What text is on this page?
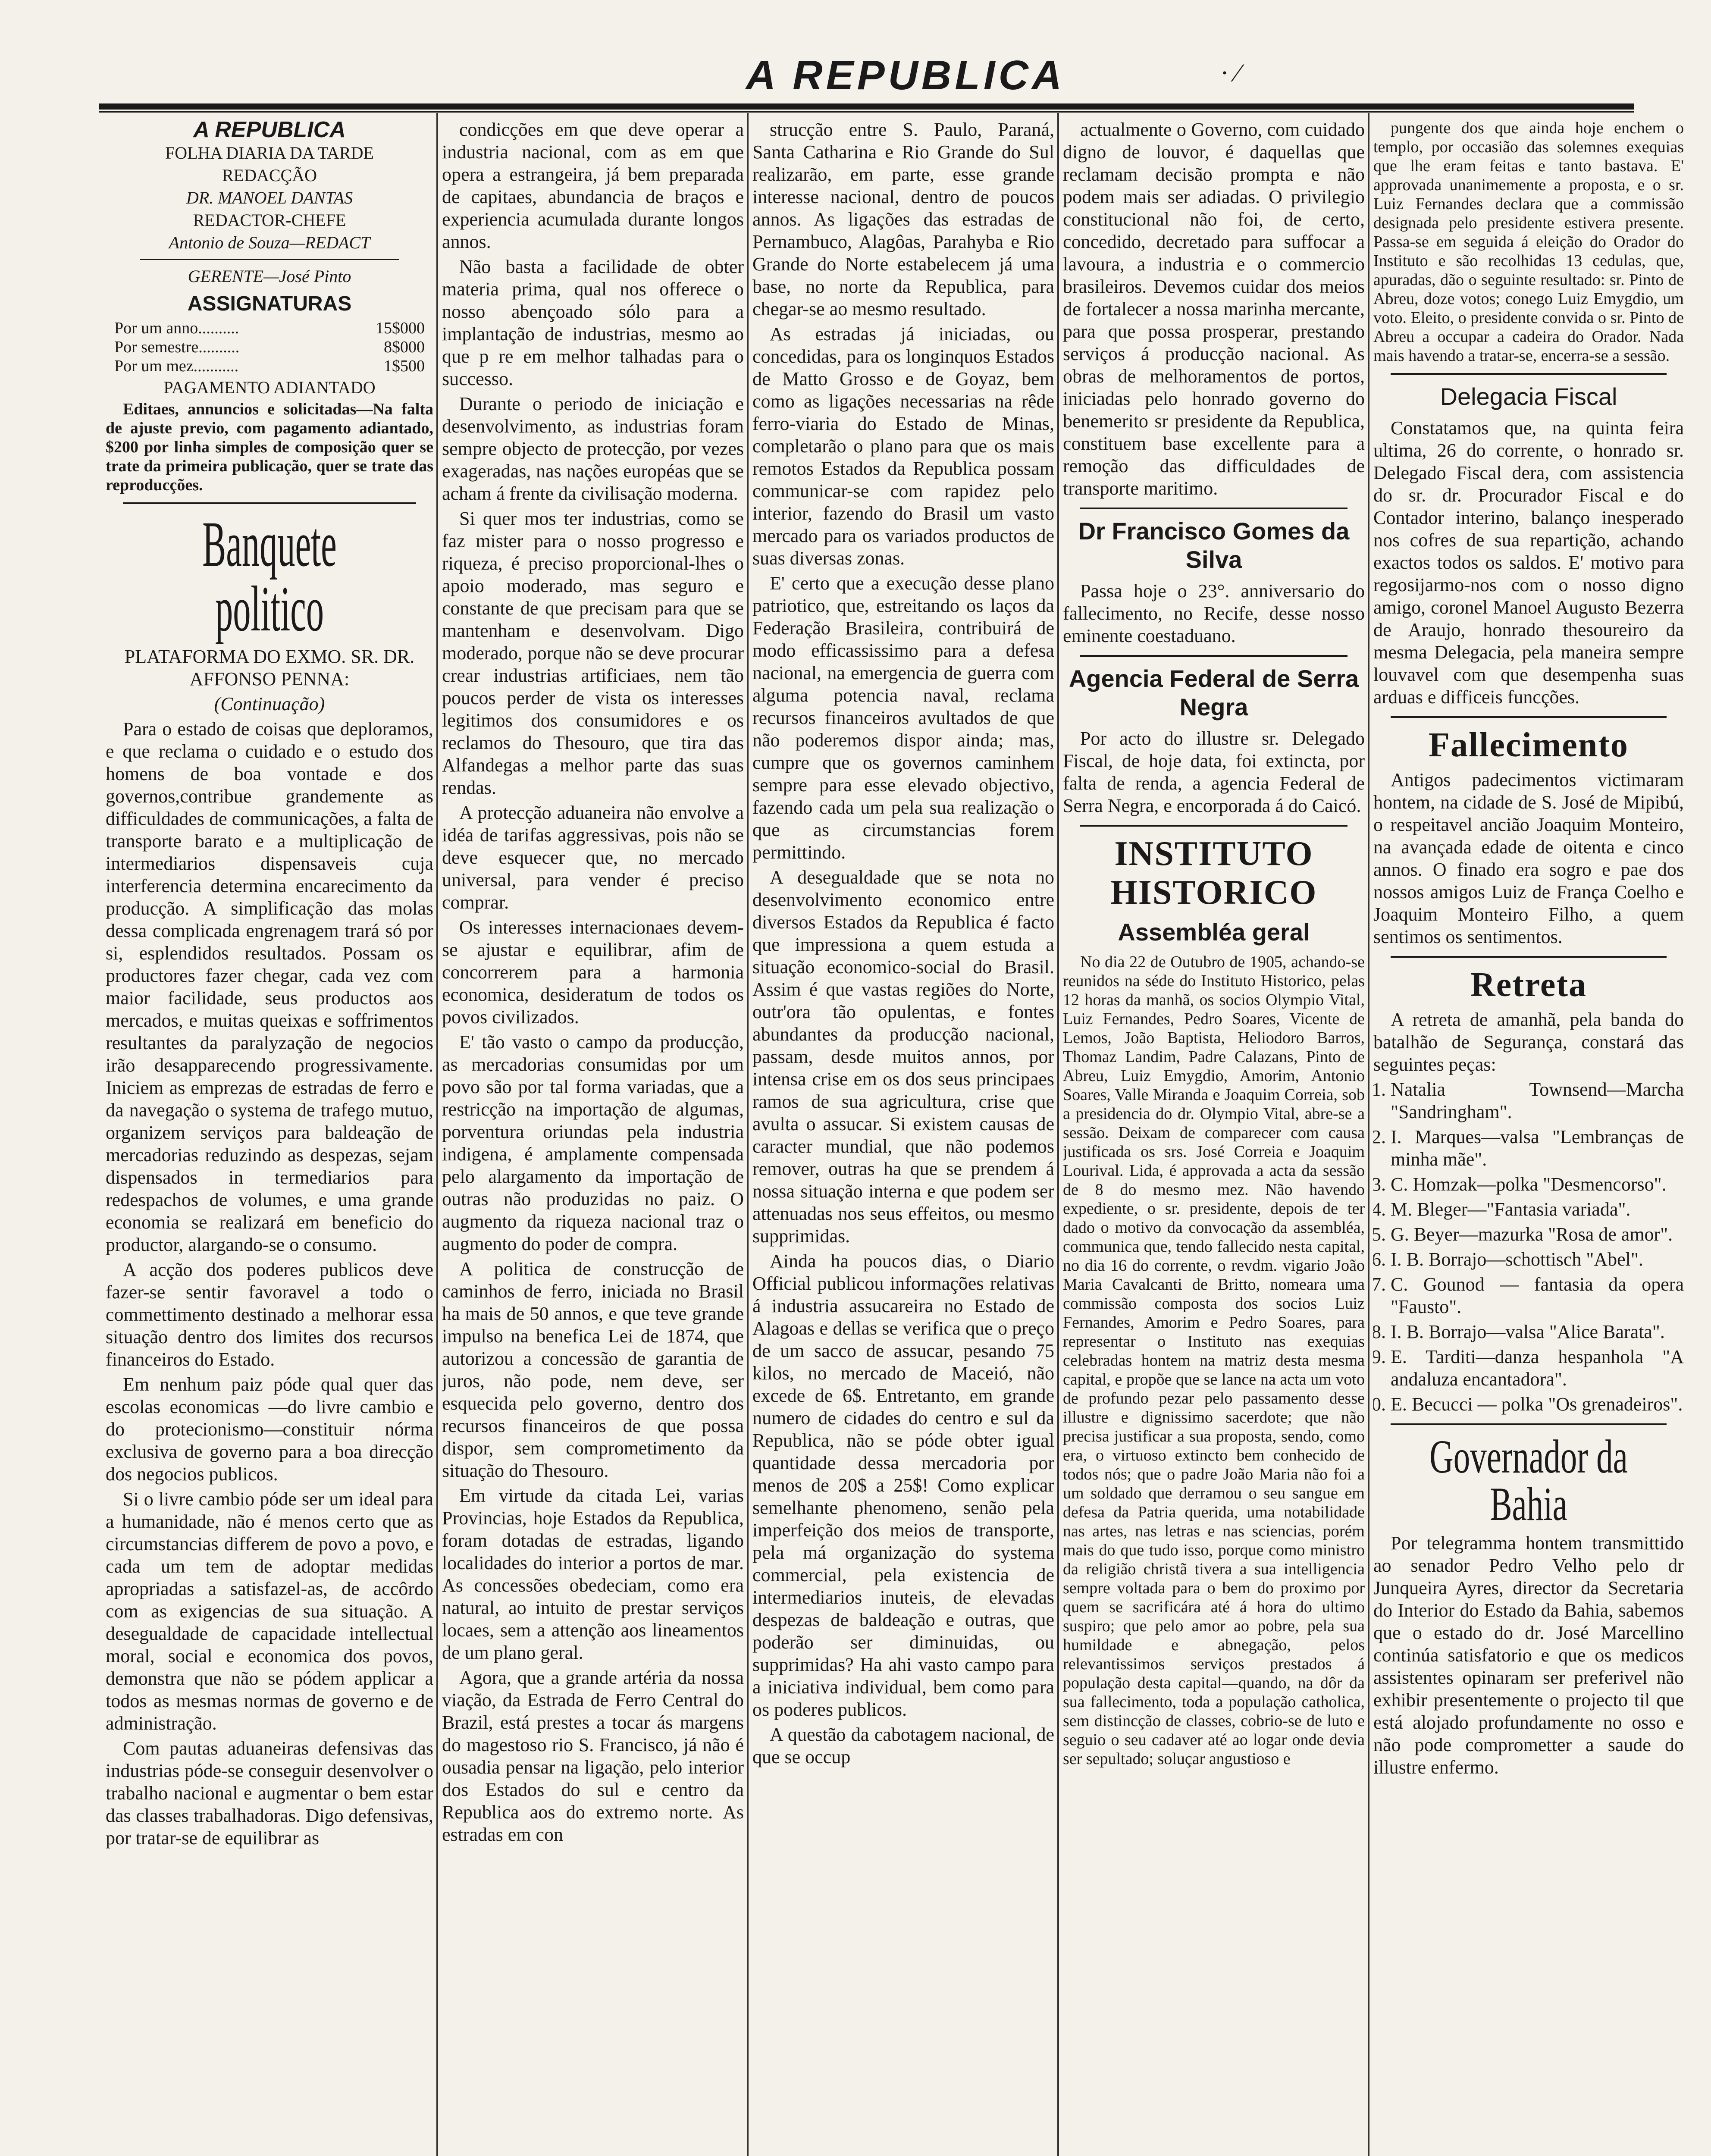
A REPUBLICA	· ⁄
A REPUBLICA
FOLHA DIARIA DA TARDE
REDACÇÃO
DR. MANOEL DANTAS
REDACTOR-CHEFE
Antonio de Souza—REDACT
GERENTE—José Pinto
ASSIGNATURAS
Por um anno..........	15$000
Por semestre..........	8$000
Por um mez...........	1$500
PAGAMENTO ADIANTADO

Editaes, annuncios e solicitadas—Na falta de ajuste previo, com pagamento adiantado, $200 por linha simples de composição quer se trate da primeira publicação, quer se trate das reproducções.

Banquete politico

PLATAFORMA DO EXMO. SR. DR. AFFONSO PENNA:

(Continuação)

Para o estado de coisas que deploramos, e que reclama o cuidado e o estudo dos homens de boa vontade e dos governos,contribue grandemente as difficuldades de communicações, a falta de transporte barato e a multiplicação de intermediarios dispensaveis cuja interferencia determina encarecimento da producção. A simplificação das molas dessa complicada engrenagem trará só por si, esplendidos resultados. Possam os productores fazer chegar, cada vez com maior facilidade, seus productos aos mercados, e muitas queixas e soffrimentos resultantes da paralyzação de negocios irão desapparecendo progressivamente. Iniciem as emprezas de estradas de ferro e da navegação o systema de trafego mutuo, organizem serviços para baldeação de mercadorias reduzindo as despezas, sejam dispensados in termediarios para redespachos de volumes, e uma grande economia se realizará em beneficio do productor, alargando-se o consumo.

A acção dos poderes publicos deve fazer-se sentir favoravel a todo o commettimento destinado a melhorar essa situação dentro dos limites dos recursos financeiros do Estado.

Em nenhum paiz póde qual quer das escolas economicas —do livre cambio e do protecionismo—constituir nórma exclusiva de governo para a boa direcção dos negocios publicos.

Si o livre cambio póde ser um ideal para a humanidade, não é menos certo que as circumstancias differem de povo a povo, e cada um tem de adoptar medidas apropriadas a satisfazel-as, de accôrdo com as exigencias de sua situação. A desegualdade de capacidade intellectual moral, social e economica dos povos, demonstra que não se pódem applicar a todos as mesmas normas de governo e de administração.

Com pautas aduaneiras defensivas das industrias póde-se conseguir desenvolver o trabalho nacional e augmentar o bem estar das classes trabalhadoras. Digo defensivas, por tratar-se de equilibrar as

condicções em que deve operar a industria nacional, com as em que opera a estrangeira, já bem preparada de capitaes, abundancia de braços e experiencia acumulada durante longos annos.

Não basta a facilidade de obter materia prima, qual nos offerece o nosso abençoado sólo para a implantação de industrias, mesmo ao que p re em melhor talhadas para o successo.

Durante o periodo de iniciação e desenvolvimento, as industrias foram sempre objecto de protecção, por vezes exageradas, nas nações européas que se acham á frente da civilisação moderna.

Si quer mos ter industrias, como se faz mister para o nosso progresso e riqueza, é preciso proporcional-lhes o apoio moderado, mas seguro e constante de que precisam para que se mantenham e desenvolvam. Digo moderado, porque não se deve procurar crear industrias artificiaes, nem tão poucos perder de vista os interesses legitimos dos consumidores e os reclamos do Thesouro, que tira das Alfandegas a melhor parte das suas rendas.

A protecção aduaneira não envolve a idéa de tarifas aggressivas, pois não se deve esquecer que, no mercado universal, para vender é preciso comprar.

Os interesses internacionaes devem-se ajustar e equilibrar, afim de concorrerem para a harmonia economica, desideratum de todos os povos civilizados.

E' tão vasto o campo da producção, as mercadorias consumidas por um povo são por tal forma variadas, que a restricção na importação de algumas, porventura oriundas pela industria indigena, é amplamente compensada pelo alargamento da importação de outras não produzidas no paiz. O augmento da riqueza nacional traz o augmento do poder de compra.

A politica de construcção de caminhos de ferro, iniciada no Brasil ha mais de 50 annos, e que teve grande impulso na benefica Lei de 1874, que autorizou a concessão de garantia de juros, não pode, nem deve, ser esquecida pelo governo, dentro dos recursos financeiros de que possa dispor, sem comprometimento da situação do Thesouro.

Em virtude da citada Lei, varias Provincias, hoje Estados da Republica, foram dotadas de estradas, ligando localidades do interior a portos de mar. As concessões obedeciam, como era natural, ao intuito de prestar serviços locaes, sem a attenção aos lineamentos de um plano geral.

Agora, que a grande artéria da nossa viação, da Estrada de Ferro Central do Brazil, está prestes a tocar ás margens do magestoso rio S. Francisco, já não é ousadia pensar na ligação, pelo interior dos Estados do sul e centro da Republica aos do extremo norte. As estradas em con

strucção entre S. Paulo, Paraná, Santa Catharina e Rio Grande do Sul realizarão, em parte, esse grande interesse nacional, dentro de poucos annos. As ligações das estradas de Pernambuco, Alagôas, Parahyba e Rio Grande do Norte estabelecem já uma base, no norte da Republica, para chegar-se ao mesmo resultado.

As estradas já iniciadas, ou concedidas, para os longinquos Estados de Matto Grosso e de Goyaz, bem como as ligações necessarias na rêde ferro-viaria do Estado de Minas, completarão o plano para que os mais remotos Estados da Republica possam communicar-se com rapidez pelo interior, fazendo do Brasil um vasto mercado para os variados productos de suas diversas zonas.

E' certo que a execução desse plano patriotico, que, estreitando os laços da Federação Brasileira, contribuirá de modo efficassissimo para a defesa nacional, na emergencia de guerra com alguma potencia naval, reclama recursos financeiros avultados de que não poderemos dispor ainda; mas, cumpre que os governos caminhem sempre para esse elevado objectivo, fazendo cada um pela sua realização o que as circumstancias forem permittindo.

A desegualdade que se nota no desenvolvimento economico entre diversos Estados da Republica é facto que impressiona a quem estuda a situação economico-social do Brasil. Assim é que vastas regiões do Norte, outr'ora tão opulentas, e fontes abundantes da producção nacional, passam, desde muitos annos, por intensa crise em os dos seus principaes ramos de sua agricultura, crise que avulta o assucar. Si existem causas de caracter mundial, que não podemos remover, outras ha que se prendem á nossa situação interna e que podem ser attenuadas nos seus effeitos, ou mesmo supprimidas.

Ainda ha poucos dias, o Diario Official publicou informações relativas á industria assucareira no Estado de Alagoas e dellas se verifica que o preço de um sacco de assucar, pesando 75 kilos, no mercado de Maceió, não excede de 6$. Entretanto, em grande numero de cidades do centro e sul da Republica, não se póde obter igual quantidade dessa mercadoria por menos de 20$ a 25$! Como explicar semelhante phenomeno, senão pela imperfeição dos meios de transporte, pela má organização do systema commercial, pela existencia de intermediarios inuteis, de elevadas despezas de baldeação e outras, que poderão ser diminuidas, ou supprimidas? Ha ahi vasto campo para a iniciativa individual, bem como para os poderes publicos.

A questão da cabotagem nacional, de que se occup

actualmente o Governo, com cuidado digno de louvor, é daquellas que reclamam decisão prompta e não podem mais ser adiadas. O privilegio constitucional não foi, de certo, concedido, decretado para suffocar a lavoura, a industria e o commercio brasileiros. Devemos cuidar dos meios de fortalecer a nossa marinha mercante, para que possa prosperar, prestando serviços á producção nacional. As obras de melhoramentos de portos, iniciadas pelo honrado governo do benemerito sr presidente da Republica, constituem base excellente para a remoção das difficuldades de transporte maritimo.

Dr Francisco Gomes da Silva

Passa hoje o 23°. anniversario do fallecimento, no Recife, desse nosso eminente coestaduano.

Agencia Federal de Serra Negra

Por acto do illustre sr. Delegado Fiscal, de hoje data, foi extincta, por falta de renda, a agencia Federal de Serra Negra, e encorporada á do Caicó.

INSTITUTO HISTORICO
Assembléa geral

No dia 22 de Outubro de 1905, achando-se reunidos na séde do Instituto Historico, pelas 12 horas da manhã, os socios Olympio Vital, Luiz Fernandes, Pedro Soares, Vicente de Lemos, João Baptista, Heliodoro Barros, Thomaz Landim, Padre Calazans, Pinto de Abreu, Luiz Emygdio, Amorim, Antonio Soares, Valle Miranda e Joaquim Correia, sob a presidencia do dr. Olympio Vital, abre-se a sessão. Deixam de comparecer com causa justificada os srs. José Correia e Joaquim Lourival. Lida, é approvada a acta da sessão de 8 do mesmo mez. Não havendo expediente, o sr. presidente, depois de ter dado o motivo da convocação da assembléa, communica que, tendo fallecido nesta capital, no dia 16 do corrente, o revdm. vigario João Maria Cavalcanti de Britto, nomeara uma commissão composta dos socios Luiz Fernandes, Amorim e Pedro Soares, para representar o Instituto nas exequias celebradas hontem na matriz desta mesma capital, e propõe que se lance na acta um voto de profundo pezar pelo passamento desse illustre e dignissimo sacerdote; que não precisa justificar a sua proposta, sendo, como era, o virtuoso extincto bem conhecido de todos nós; que o padre João Maria não foi a um soldado que derramou o seu sangue em defesa da Patria querida, uma notabilidade nas artes, nas letras e nas sciencias, porém mais do que tudo isso, porque como ministro da religião christã tivera a sua intelligencia sempre voltada para o bem do proximo por quem se sacrificára até á hora do ultimo suspiro; que pelo amor ao pobre, pela sua humildade e abnegação, pelos relevantissimos serviços prestados á população desta capital—quando, na dôr da sua fallecimento, toda a população catholica, sem distincção de classes, cobrio-se de luto e seguio o seu cadaver até ao logar onde devia ser sepultado; soluçar angustioso e

pungente dos que ainda hoje enchem o templo, por occasião das solemnes exequias que lhe eram feitas e tanto bastava. E' approvada unanimemente a proposta, e o sr. Luiz Fernandes declara que a commissão designada pelo presidente estivera presente. Passa-se em seguida á eleição do Orador do Instituto e são recolhidas 13 cedulas, que, apuradas, dão o seguinte resultado: sr. Pinto de Abreu, doze votos; conego Luiz Emygdio, um voto. Eleito, o presidente convida o sr. Pinto de Abreu a occupar a cadeira do Orador. Nada mais havendo a tratar-se, encerra-se a sessão.

Delegacia Fiscal

Constatamos que, na quinta feira ultima, 26 do corrente, o honrado sr. Delegado Fiscal dera, com assistencia do sr. dr. Procurador Fiscal e do Contador interino, balanço inesperado nos cofres de sua repartição, achando exactos todos os saldos. E' motivo para regosijarmo-nos com o nosso digno amigo, coronel Manoel Augusto Bezerra de Araujo, honrado thesoureiro da mesma Delegacia, pela maneira sempre louvavel com que desempenha suas arduas e difficeis funcções.

Fallecimento

Antigos padecimentos victimaram hontem, na cidade de S. José de Mipibú, o respeitavel ancião Joaquim Monteiro, na avançada edade de oitenta e cinco annos. O finado era sogro e pae dos nossos amigos Luiz de França Coelho e Joaquim Monteiro Filho, a quem sentimos os sentimentos.

Retreta

A retreta de amanhã, pela banda do batalhão de Segurança, constará das seguintes peças:

1. Natalia Townsend—Marcha "Sandringham".
2. I. Marques—valsa "Lembranças de minha mãe".
3. C. Homzak—polka "Desmencorso".
4. M. Bleger—"Fantasia variada".
5. G. Beyer—mazurka "Rosa de amor".
6. I. B. Borrajo—schottisch "Abel".
7. C. Gounod — fantasia da opera "Fausto".
8. I. B. Borrajo—valsa "Alice Barata".
9. E. Tarditi—danza hespanhola "A andaluza encantadora".
10. E. Becucci — polka "Os grenadeiros".
Governador da Bahia

Por telegramma hontem transmittido ao senador Pedro Velho pelo dr Junqueira Ayres, director da Secretaria do Interior do Estado da Bahia, sabemos que o estado do dr. José Marcellino continúa satisfatorio e que os medicos assistentes opinaram ser preferivel não exhibir presentemente o projecto til que está alojado profundamente no osso e não pode comprometter a saude do illustre enfermo.
